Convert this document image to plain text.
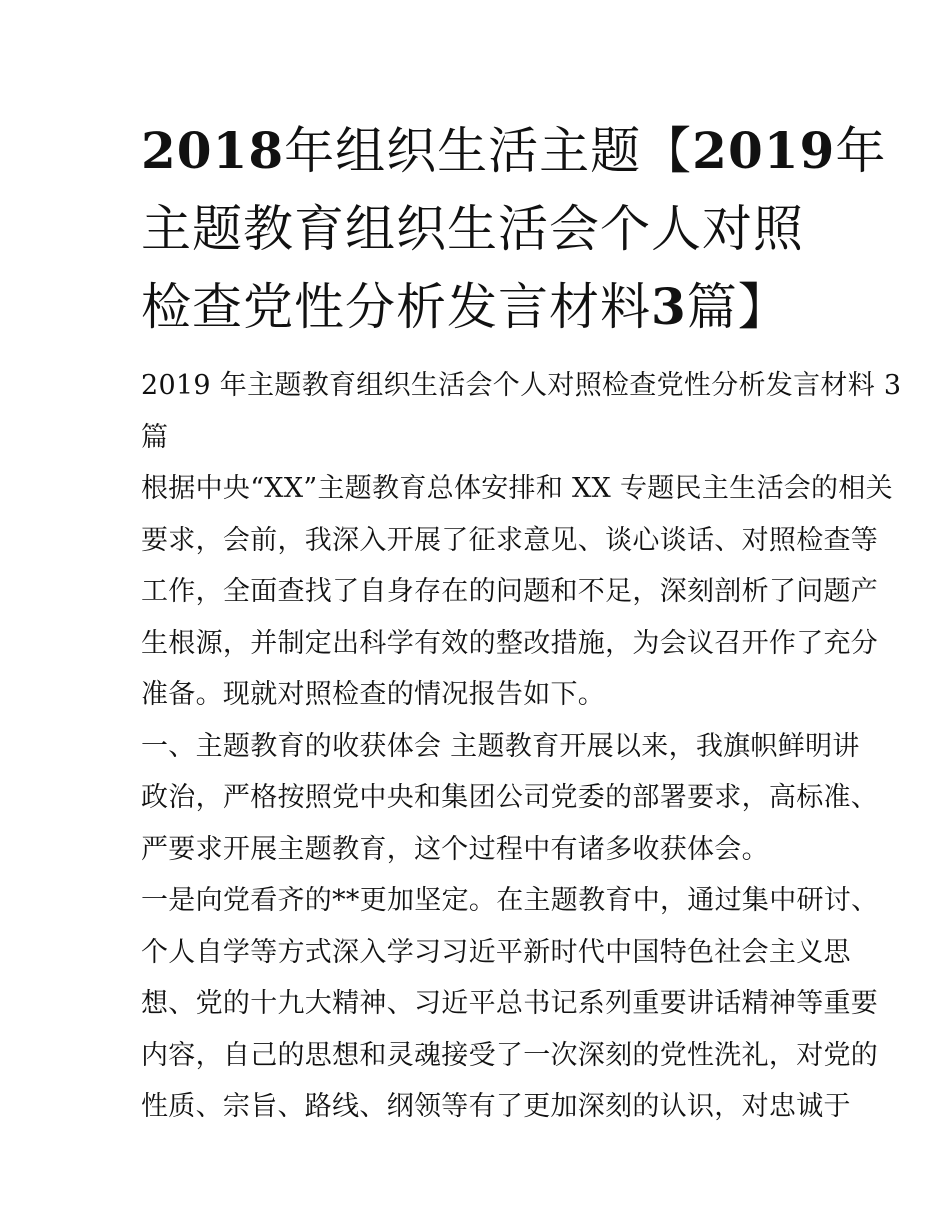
2018年组织生活主题【2019年
主题教育组织生活会个人对照
检查党性分析发言材料3篇】
2019 年主题教育组织生活会个人对照检查党性分析发言材料 3
篇
根据中央“XX”主题教育总体安排和 XX 专题民主生活会的相关
要求，会前，我深入开展了征求意见、谈心谈话、对照检查等
工作，全面查找了自身存在的问题和不足，深刻剖析了问题产
生根源，并制定出科学有效的整改措施，为会议召开作了充分
准备。现就对照检查的情况报告如下。
一、主题教育的收获体会 主题教育开展以来，我旗帜鲜明讲
政治，严格按照党中央和集团公司党委的部署要求，高标准、
严要求开展主题教育，这个过程中有诸多收获体会。
一是向党看齐的**更加坚定。在主题教育中，通过集中研讨、
个人自学等方式深入学习习近平新时代中国特色社会主义思
想、党的十九大精神、习近平总书记系列重要讲话精神等重要
内容，自己的思想和灵魂接受了一次深刻的党性洗礼，对党的
性质、宗旨、路线、纲领等有了更加深刻的认识，对忠诚于
